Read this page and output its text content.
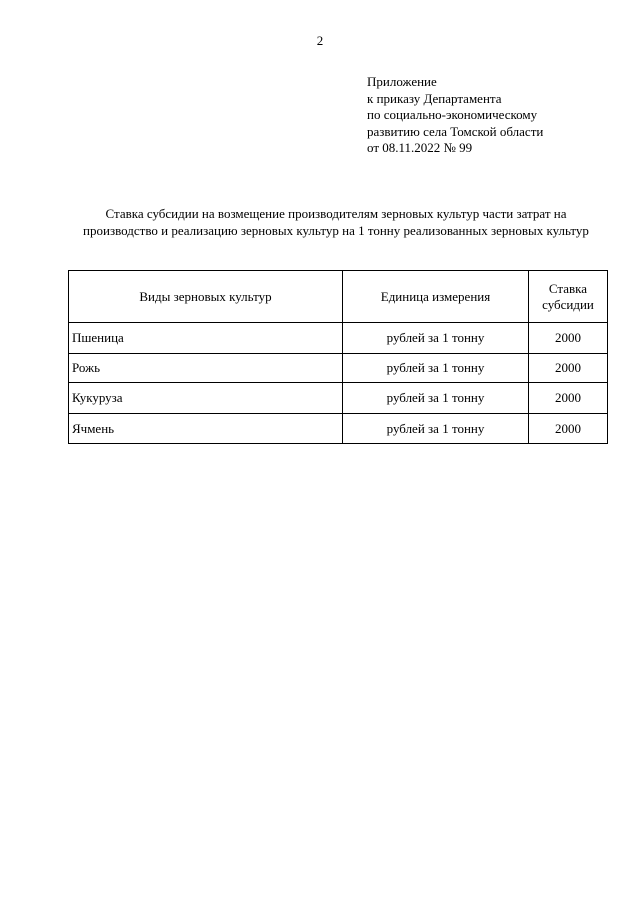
2
Приложение
к приказу Департамента
по социально-экономическому
развитию села Томской области
от 08.11.2022 № 99
Ставка субсидии на возмещение производителям зерновых культур части затрат на производство и реализацию зерновых культур на 1 тонну реализованных зерновых культур
Виды зерновых культур	Единица измерения	Ставка
субсидии
Пшеница	рублей за 1 тонну	2000
Рожь	рублей за 1 тонну	2000
Кукуруза	рублей за 1 тонну	2000
Ячмень	рублей за 1 тонну	2000
